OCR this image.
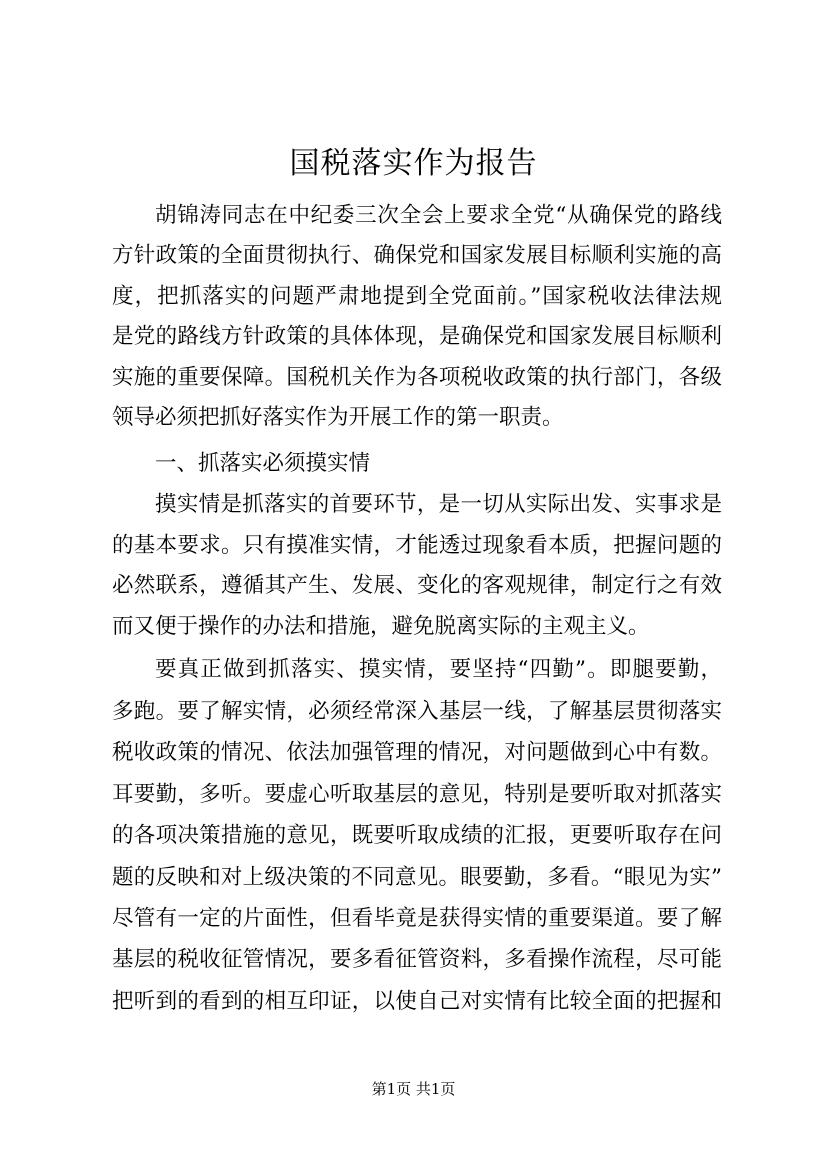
国税落实作为报告
胡锦涛同志在中纪委三次全会上要求全党“从确保党的路线
方针政策的全面贯彻执行、确保党和国家发展目标顺利实施的高
度，把抓落实的问题严肃地提到全党面前。”国家税收法律法规
是党的路线方针政策的具体体现，是确保党和国家发展目标顺利
实施的重要保障。国税机关作为各项税收政策的执行部门，各级
领导必须把抓好落实作为开展工作的第一职责。
一、抓落实必须摸实情
摸实情是抓落实的首要环节，是一切从实际出发、实事求是
的基本要求。只有摸准实情，才能透过现象看本质，把握问题的
必然联系，遵循其产生、发展、变化的客观规律，制定行之有效
而又便于操作的办法和措施，避免脱离实际的主观主义。
要真正做到抓落实、摸实情，要坚持“四勤”。即腿要勤，
多跑。要了解实情，必须经常深入基层一线，了解基层贯彻落实
税收政策的情况、依法加强管理的情况，对问题做到心中有数。
耳要勤，多听。要虚心听取基层的意见，特别是要听取对抓落实
的各项决策措施的意见，既要听取成绩的汇报，更要听取存在问
题的反映和对上级决策的不同意见。眼要勤，多看。“眼见为实”
尽管有一定的片面性，但看毕竟是获得实情的重要渠道。要了解
基层的税收征管情况，要多看征管资料，多看操作流程，尽可能
把听到的看到的相互印证，以使自己对实情有比较全面的把握和
第1页 共1页
